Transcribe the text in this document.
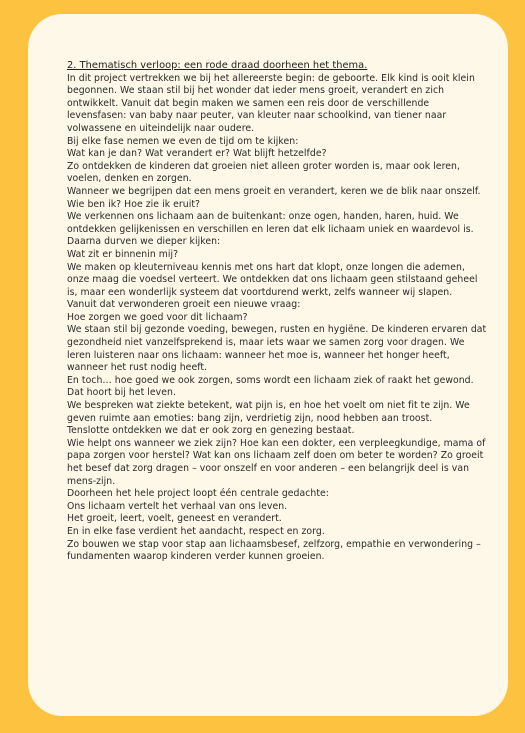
2. Thematisch verloop: een rode draad doorheen het thema.

In dit project vertrekken we bij het allereerste begin: de geboorte. Elk kind is ooit klein begonnen. We staan stil bij het wonder dat ieder mens groeit, verandert en zich ontwikkelt. Vanuit dat begin maken we samen een reis door de verschillende levensfasen: van baby naar peuter, van kleuter naar schoolkind, van tiener naar volwassene en uiteindelijk naar oudere.

Bij elke fase nemen we even de tijd om te kijken:

Wat kan je dan? Wat verandert er? Wat blijft hetzelfde?

Zo ontdekken de kinderen dat groeien niet alleen groter worden is, maar ook leren, voelen, denken en zorgen.

Wanneer we begrijpen dat een mens groeit en verandert, keren we de blik naar onszelf.

Wie ben ik? Hoe zie ik eruit?

We verkennen ons lichaam aan de buitenkant: onze ogen, handen, haren, huid. We ontdekken gelijkenissen en verschillen en leren dat elk lichaam uniek en waardevol is.

Daarna durven we dieper kijken:

Wat zit er binnenin mij?

We maken op kleuterniveau kennis met ons hart dat klopt, onze longen die ademen, onze maag die voedsel verteert. We ontdekken dat ons lichaam geen stilstaand geheel is, maar een wonderlijk systeem dat voortdurend werkt, zelfs wanneer wij slapen.

Vanuit dat verwonderen groeit een nieuwe vraag:

Hoe zorgen we goed voor dit lichaam?

We staan stil bij gezonde voeding, bewegen, rusten en hygiëne. De kinderen ervaren dat gezondheid niet vanzelfsprekend is, maar iets waar we samen zorg voor dragen. We leren luisteren naar ons lichaam: wanneer het moe is, wanneer het honger heeft, wanneer het rust nodig heeft.

En toch… hoe goed we ook zorgen, soms wordt een lichaam ziek of raakt het gewond.

Dat hoort bij het leven.

We bespreken wat ziekte betekent, wat pijn is, en hoe het voelt om niet fit te zijn. We geven ruimte aan emoties: bang zijn, verdrietig zijn, nood hebben aan troost.

Tenslotte ontdekken we dat er ook zorg en genezing bestaat.

Wie helpt ons wanneer we ziek zijn? Hoe kan een dokter, een verpleegkundige, mama of papa zorgen voor herstel? Wat kan ons lichaam zelf doen om beter te worden? Zo groeit het besef dat zorg dragen – voor onszelf en voor anderen – een belangrijk deel is van mens-zijn.

Doorheen het hele project loopt één centrale gedachte:

Ons lichaam vertelt het verhaal van ons leven.

Het groeit, leert, voelt, geneest en verandert.

En in elke fase verdient het aandacht, respect en zorg.

Zo bouwen we stap voor stap aan lichaamsbesef, zelfzorg, empathie en verwondering – fundamenten waarop kinderen verder kunnen groeien.
